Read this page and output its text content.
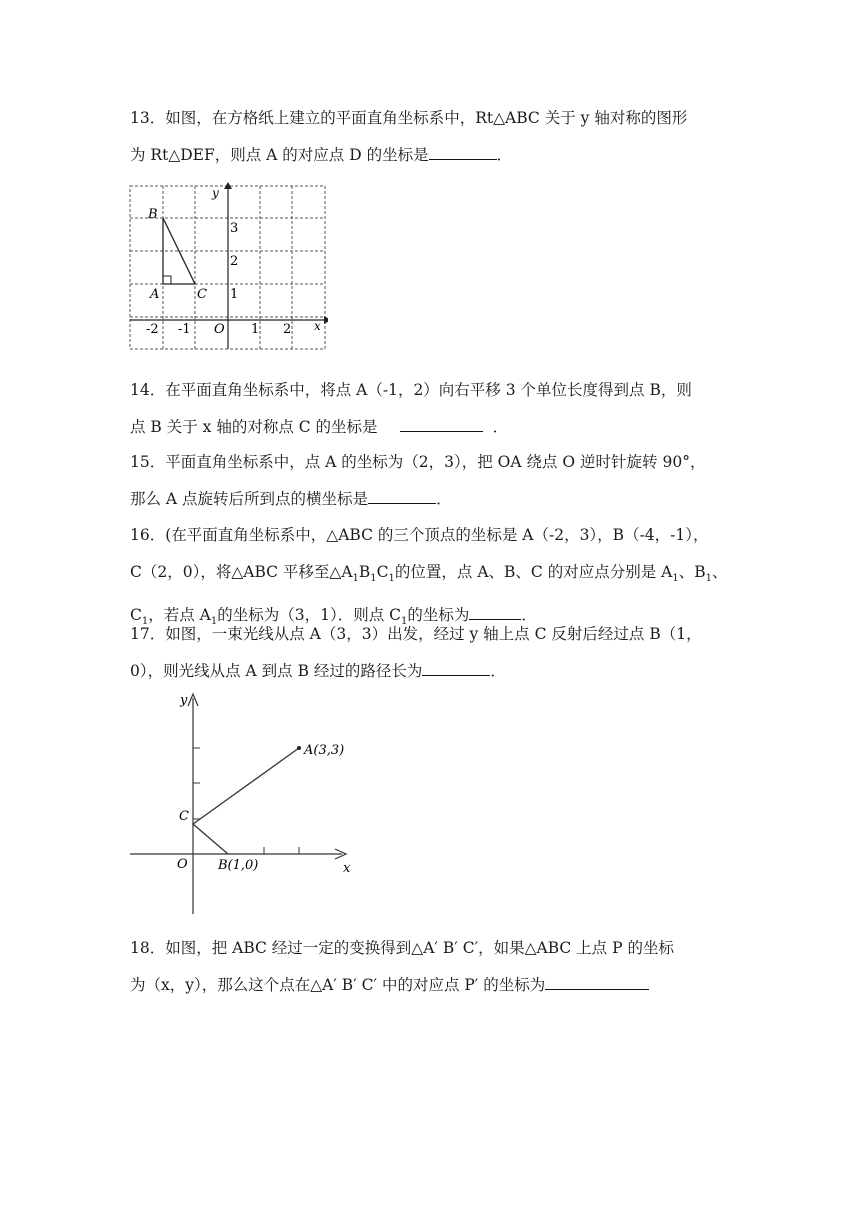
13．如图，在方格纸上建立的平面直角坐标系中，Rt△ABC 关于 y 轴对称的图形
为 Rt△DEF，则点 A 的对应点 D 的坐标是	．

B
A	C
y
x
O
-2 -1	1 2
3
2
1

14．在平面直角坐标系中，将点 A（-1，2）向右平移 3 个单位长度得到点 B，则
点 B 关于 x 轴的对称点 C 的坐标是	．

15．平面直角坐标系中，点 A 的坐标为（2，3），把 OA 绕点 O 逆时针旋转 90°，
那么 A 点旋转后所到点的横坐标是	．

16．(在平面直角坐标系中，△ABC 的三个顶点的坐标是 A（-2，3），B（-4，-1），
C（2，0），将△ABC 平移至$\triangle A_1B_1C_1$的位置，点 A、B、C 的对应点分别是 $A_1$、$B_1$、
$C_1$，若点 $A_1$的坐标为（3，1）．则点 $C_1$的坐标为	．

17．如图，一束光线从点 A（3，3）出发，经过 y 轴上点 C 反射后经过点 B（1，
0），则光线从点 A 到点 B 经过的路径长为	．

y
x
O
C
A(3,3)
B(1,0)

18．如图，把 ABC 经过一定的变换得到△A′ B′ C′，如果△ABC 上点 P 的坐标
为（x，y），那么这个点在△A′ B′ C′ 中的对应点 P′ 的坐标为
